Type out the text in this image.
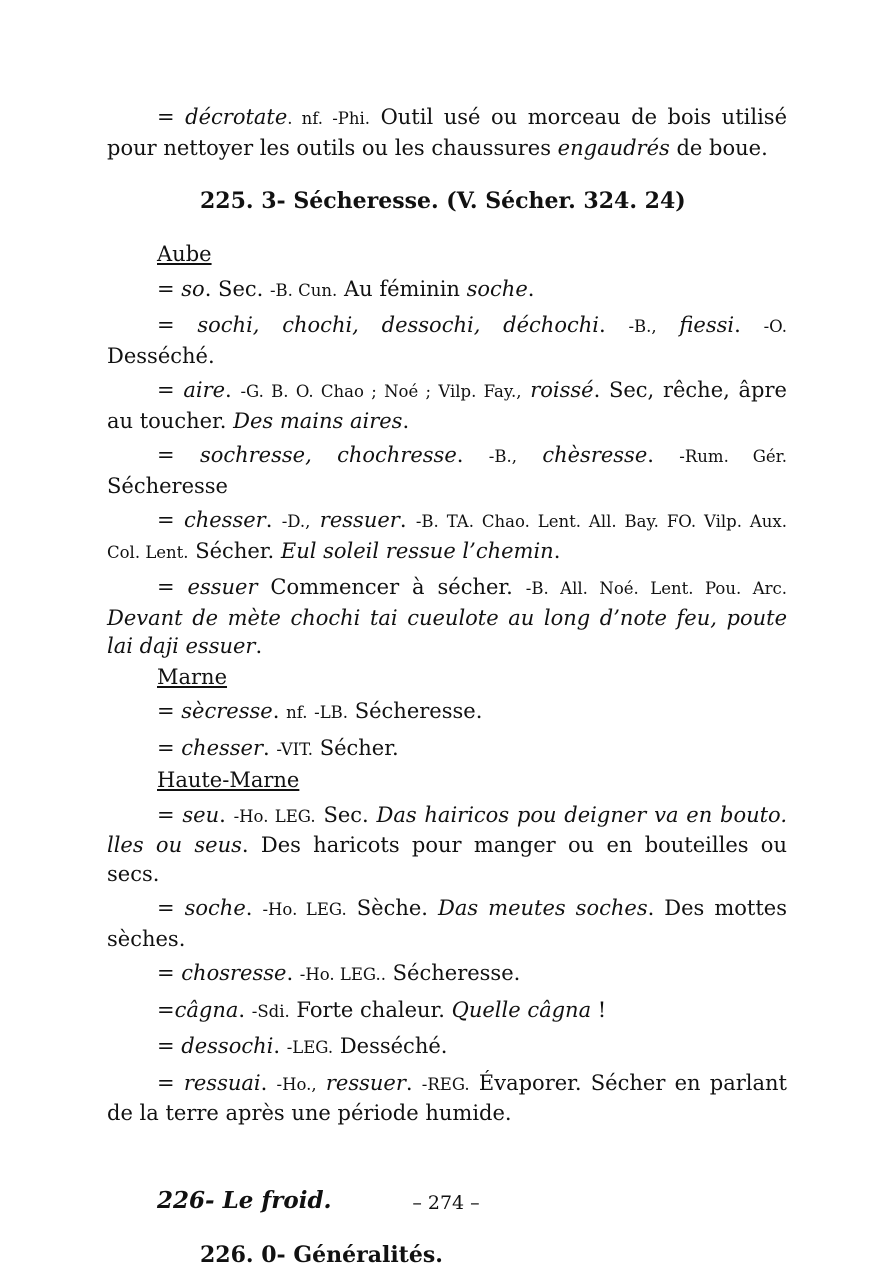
= décrotate. nf. -Phi. Outil usé ou morceau de bois utilisé pour nettoyer les outils ou les chaussures engaudrés de boue.

225. 3- Sécheresse. (V. Sécher. 324. 24)
Aube

= so. Sec. -B. Cun. Au féminin soche.

= sochi, chochi, dessochi, déchochi. -B., fiessi. -O. Desséché.

= aire. -G. B. O. Chao ; Noé ; Vilp. Fay., roissé. Sec, rêche, âpre au toucher. Des mains aires.

= sochresse, chochresse. -B., chèsresse. -Rum. Gér. Sécheresse

= chesser. -D., ressuer. -B. TA. Chao. Lent. All. Bay. FO. Vilp. Aux. Col. Lent. Sécher. Eul soleil ressue l’chemin.

= essuer Commencer à sécher. -B. All. Noé. Lent. Pou. Arc. Devant de mète chochi tai cueulote au long d’note feu, poute lai daji essuer.

Marne

= sècresse. nf. -LB. Sécheresse.

= chesser. -VIT. Sécher.

Haute-Marne

= seu. -Ho. LEG. Sec. Das hairicos pou deigner va en bouto. lles ou seus. Des haricots pour manger ou en bouteilles ou secs.

= soche. -Ho. LEG. Sèche. Das meutes soches. Des mottes sèches.

= chosresse. -Ho. LEG.. Sécheresse.

=câgna. -Sdi. Forte chaleur. Quelle câgna !

= dessochi. -LEG. Desséché.

= ressuai. -Ho., ressuer. -REG. Évaporer. Sécher en parlant de la terre après une période humide.

226- Le froid.
226. 0- Généralités.
– 274 –
